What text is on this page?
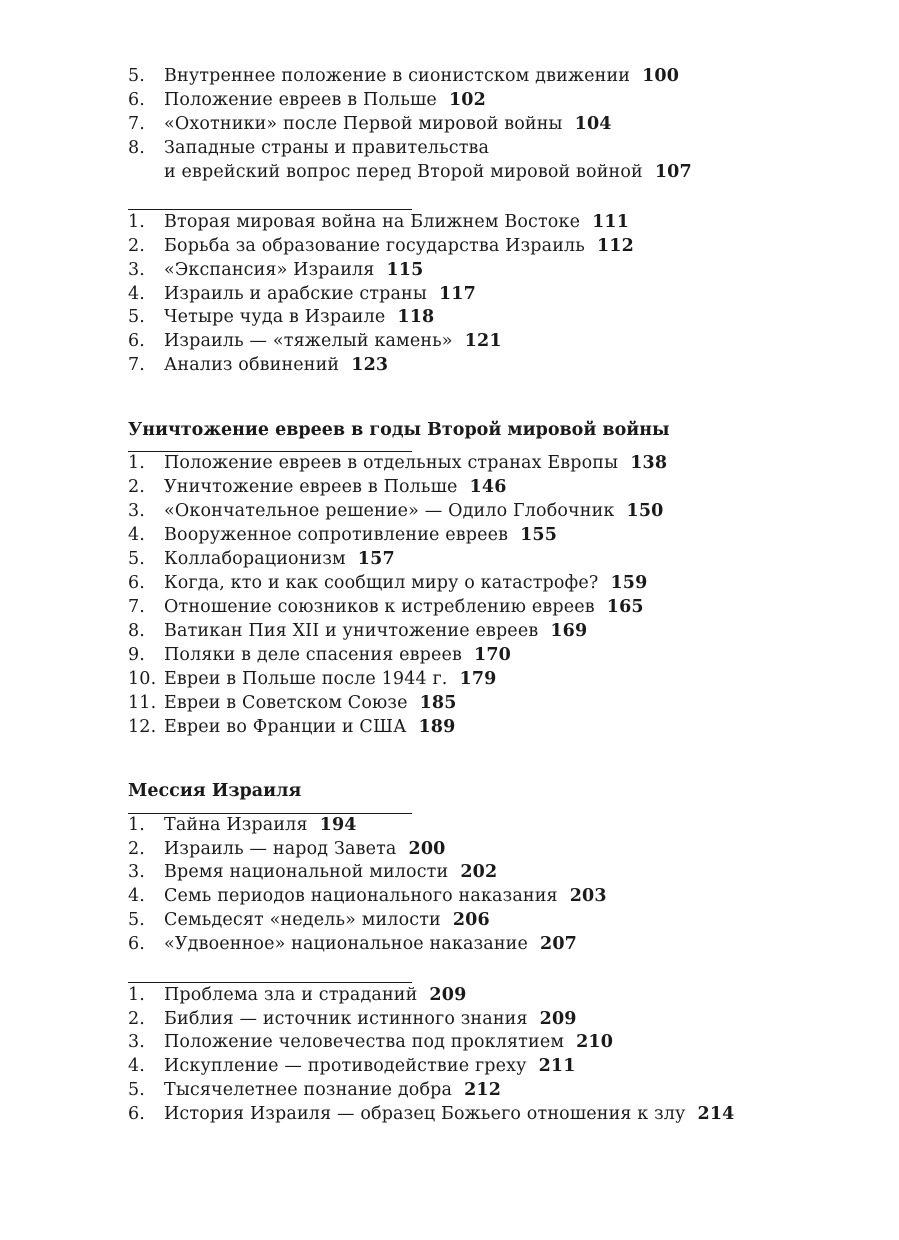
5. Внутреннее положение в сионистском движении 100
6. Положение евреев в Польше 102
7. «Охотники» после Первой мировой войны 104
8. Западные страны и правительства
и еврейский вопрос перед Второй мировой войной 107
1. Вторая мировая война на Ближнем Востоке 111
2. Борьба за образование государства Израиль 112
3. «Экспансия» Израиля 115
4. Израиль и арабские страны 117
5. Четыре чуда в Израиле 118
6. Израиль — «тяжелый камень» 121
7. Анализ обвинений 123
Уничтожение евреев в годы Второй мировой войны
1. Положение евреев в отдельных странах Европы 138
2. Уничтожение евреев в Польше 146
3. «Окончательное решение» — Одило Глобочник 150
4. Вооруженное сопротивление евреев 155
5. Коллаборационизм 157
6. Когда, кто и как сообщил миру о катастрофе? 159
7. Отношение союзников к истреблению евреев 165
8. Ватикан Пия XII и уничтожение евреев 169
9. Поляки в деле спасения евреев 170
10. Евреи в Польше после 1944 г. 179
11. Евреи в Советском Союзе 185
12. Евреи во Франции и США 189
Мессия Израиля
1. Тайна Израиля 194
2. Израиль — народ Завета 200
3. Время национальной милости 202
4. Семь периодов национального наказания 203
5. Семьдесят «недель» милости 206
6. «Удвоенное» национальное наказание 207
1. Проблема зла и страданий 209
2. Библия — источник истинного знания 209
3. Положение человечества под проклятием 210
4. Искупление — противодействие греху 211
5. Тысячелетнее познание добра 212
6. История Израиля — образец Божьего отношения к злу 214
